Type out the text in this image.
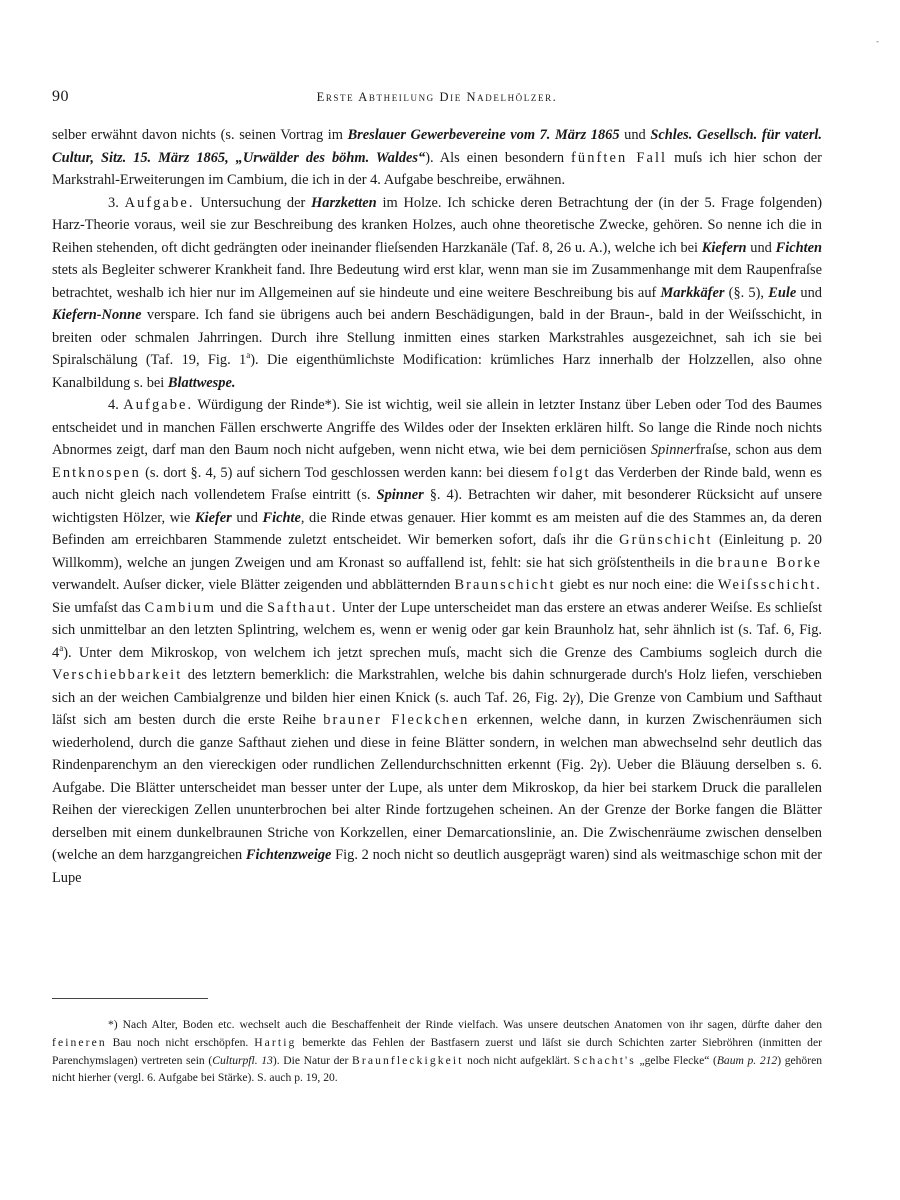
90	Erste Abtheilung Die Nadelhölzer.
-

selber erwähnt davon nichts (s. seinen Vortrag im Breslauer Gewerbevereine vom 7. März 1865 und Schles. Gesellsch. für vaterl. Cultur, Sitz. 15. März 1865, „Urwälder des böhm. Waldes“). Als einen besondern fünften Fall muſs ich hier schon der Markstrahl-Erweiterungen im Cambium, die ich in der 4. Aufgabe beschreibe, erwähnen.

3. Aufgabe. Untersuchung der Harzketten im Holze. Ich schicke deren Betrachtung der (in der 5. Frage folgenden) Harz-Theorie voraus, weil sie zur Beschreibung des kranken Holzes, auch ohne theoretische Zwecke, gehören. So nenne ich die in Reihen stehenden, oft dicht gedrängten oder ineinander flieſsenden Harzkanäle (Taf. 8, 26 u. A.), welche ich bei Kiefern und Fichten stets als Begleiter schwerer Krankheit fand. Ihre Bedeutung wird erst klar, wenn man sie im Zusammenhange mit dem Raupenfraſse betrachtet, weshalb ich hier nur im Allgemeinen auf sie hindeute und eine weitere Beschreibung bis auf Markkäfer (§. 5), Eule und Kiefern-Nonne verspare. Ich fand sie übrigens auch bei andern Beschädigungen, bald in der Braun-, bald in der Weiſsschicht, in breiten oder schmalen Jahrringen. Durch ihre Stellung inmitten eines starken Markstrahles ausgezeichnet, sah ich sie bei Spiralschälung (Taf. 19, Fig. 1$^a$). Die eigenthümlichste Modification: krümliches Harz innerhalb der Holzzellen, also ohne Kanalbildung s. bei Blattwespe.

4. Aufgabe. Würdigung der Rinde*). Sie ist wichtig, weil sie allein in letzter Instanz über Leben oder Tod des Baumes entscheidet und in manchen Fällen erschwerte Angriffe des Wildes oder der Insekten erklären hilft. So lange die Rinde noch nichts Abnormes zeigt, darf man den Baum noch nicht aufgeben, wenn nicht etwa, wie bei dem perniciösen Spinnerfraſse, schon aus dem Entknospen (s. dort §. 4, 5) auf sichern Tod geschlossen werden kann: bei diesem folgt das Verderben der Rinde bald, wenn es auch nicht gleich nach vollendetem Fraſse eintritt (s. Spinner §. 4). Betrachten wir daher, mit besonderer Rücksicht auf unsere wichtigsten Hölzer, wie Kiefer und Fichte, die Rinde etwas genauer. Hier kommt es am meisten auf die des Stammes an, da deren Befinden am erreichbaren Stammende zuletzt entscheidet. Wir bemerken sofort, daſs ihr die Grünschicht (Einleitung p. 20 Willkomm), welche an jungen Zweigen und am Kronast so auffallend ist, fehlt: sie hat sich gröſstentheils in die braune Borke verwandelt. Auſser dicker, viele Blätter zeigenden und abblätternden Braunschicht giebt es nur noch eine: die Weiſsschicht. Sie umfaſst das Cambium und die Safthaut. Unter der Lupe unterscheidet man das erstere an etwas anderer Weiſse. Es schlieſst sich unmittelbar an den letzten Splintring, welchem es, wenn er wenig oder gar kein Braunholz hat, sehr ähnlich ist (s. Taf. 6, Fig. 4$^a$). Unter dem Mikroskop, von welchem ich jetzt sprechen muſs, macht sich die Grenze des Cambiums sogleich durch die Verschiebbarkeit des letztern bemerklich: die Markstrahlen, welche bis dahin schnurgerade durch's Holz liefen, verschieben sich an der weichen Cambialgrenze und bilden hier einen Knick (s. auch Taf. 26, Fig. 2γ), Die Grenze von Cambium und Safthaut läſst sich am besten durch die erste Reihe brauner Fleckchen erkennen, welche dann, in kurzen Zwischenräumen sich wiederholend, durch die ganze Safthaut ziehen und diese in feine Blätter sondern, in welchen man abwechselnd sehr deutlich das Rindenparenchym an den viereckigen oder rundlichen Zellendurchschnitten erkennt (Fig. 2γ). Ueber die Bläuung derselben s. 6. Aufgabe. Die Blätter unterscheidet man besser unter der Lupe, als unter dem Mikroskop, da hier bei starkem Druck die parallelen Reihen der viereckigen Zellen ununterbrochen bei alter Rinde fortzugehen scheinen. An der Grenze der Borke fangen die Blätter derselben mit einem dunkelbraunen Striche von Korkzellen, einer Demarcationslinie, an. Die Zwischenräume zwischen denselben (welche an dem harzgangreichen Fichtenzweige Fig. 2 noch nicht so deutlich ausgeprägt waren) sind als weitmaschige schon mit der Lupe

*) Nach Alter, Boden etc. wechselt auch die Beschaffenheit der Rinde vielfach. Was unsere deutschen Anatomen von ihr sagen, dürfte daher den feineren Bau noch nicht erschöpfen. Hartig bemerkte das Fehlen der Bastfasern zuerst und läſst sie durch Schichten zarter Siebröhren (inmitten der Parenchymslagen) vertreten sein (Culturpfl. 13). Die Natur der Braunfleckigkeit noch nicht aufgeklärt. Schacht's „gelbe Flecke“ (Baum p. 212) gehören nicht hierher (vergl. 6. Aufgabe bei Stärke). S. auch p. 19, 20.
